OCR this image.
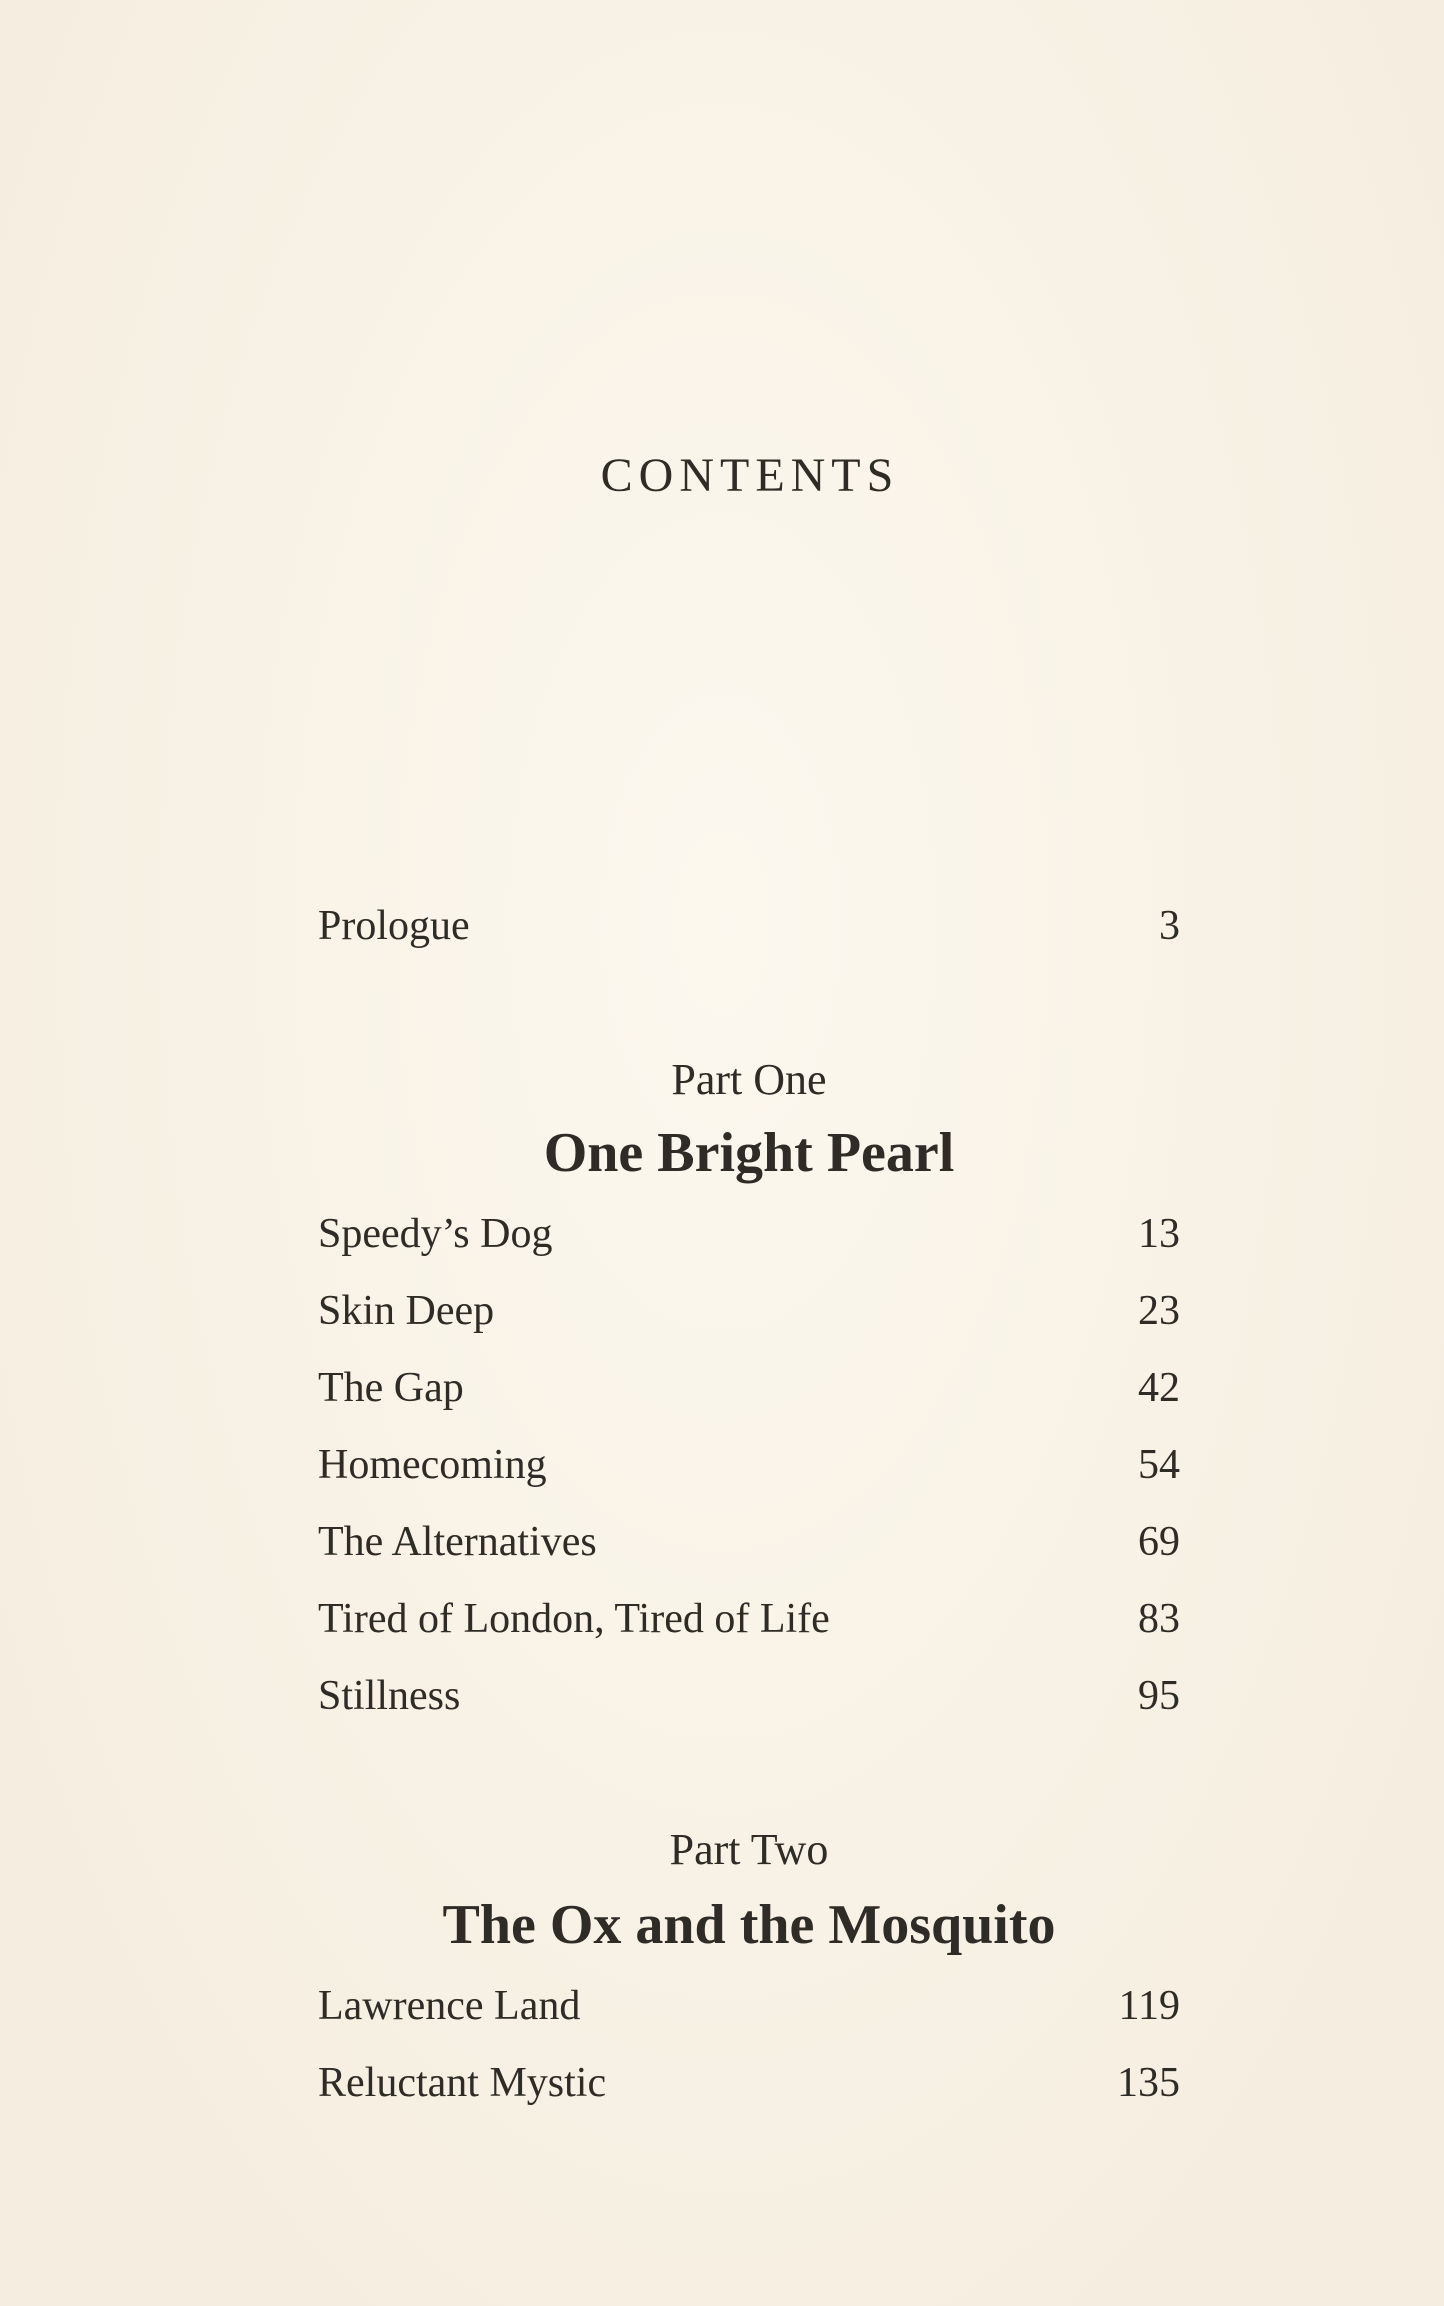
CONTENTS
Prologue	3
Part One
One Bright Pearl
Speedy’s Dog	13
Skin Deep	23
The Gap	42
Homecoming	54
The Alternatives	69
Tired of London, Tired of Life	83
Stillness	95
Part Two
The Ox and the Mosquito
Lawrence Land	119
Reluctant Mystic	135
